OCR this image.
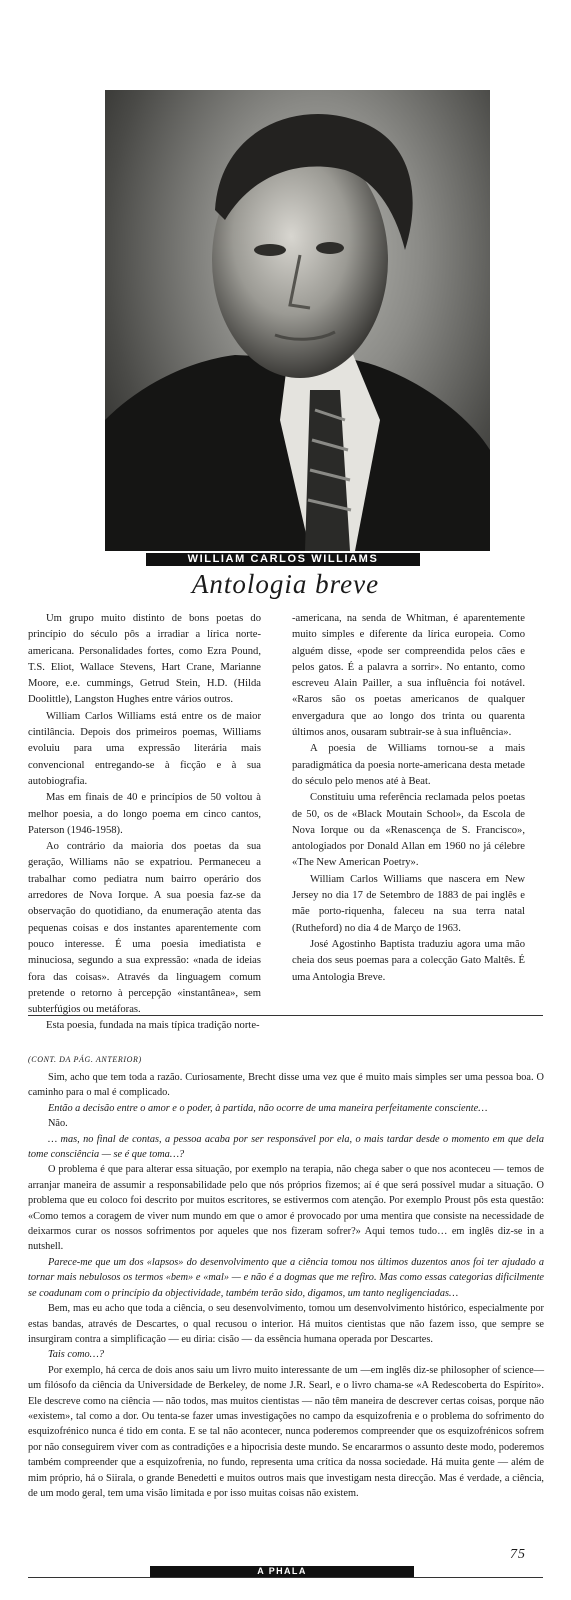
WILLIAM CARLOS WILLIAMS
Antologia breve

Um grupo muito distinto de bons poetas do princípio do século pôs a irradiar a lírica norte-americana. Personalidades fortes, como Ezra Pound, T.S. Eliot, Wallace Stevens, Hart Crane, Marianne Moore, e.e. cummings, Getrud Stein, H.D. (Hilda Doolittle), Langston Hughes entre vários outros.

William Carlos Williams está entre os de maior cintilância. Depois dos primeiros poemas, Williams evoluiu para uma expressão literária mais convencional entregando-se à ficção e à sua autobiografia.

Mas em finais de 40 e princípios de 50 voltou à melhor poesia, a do longo poema em cinco cantos, Paterson (1946-1958).

Ao contrário da maioria dos poetas da sua geração, Williams não se expatriou. Permaneceu a trabalhar como pediatra num bairro operário dos arredores de Nova Iorque. A sua poesia faz-se da observação do quotidiano, da enumeração atenta das pequenas coisas e dos instantes aparentemente com pouco interesse. É uma poesia imediatista e minuciosa, segundo a sua expressão: «nada de ideias fora das coisas». Através da linguagem comum pretende o retorno à percepção «instantânea», sem subterfúgios ou metáforas.

Esta poesia, fundada na mais típica tradição norte-

-americana, na senda de Whitman, é aparentemente muito simples e diferente da lírica europeia. Como alguém disse, «pode ser compreendida pelos cães e pelos gatos. É a palavra a sorrir». No entanto, como escreveu Alain Pailler, a sua influência foi notável. «Raros são os poetas americanos de qualquer envergadura que ao longo dos trinta ou quarenta últimos anos, ousaram subtrair-se à sua influência».

A poesia de Williams tornou-se a mais paradigmática da poesia norte-americana desta metade do século pelo menos até à Beat.

Constituiu uma referência reclamada pelos poetas de 50, os de «Black Moutain School», da Escola de Nova Iorque ou da «Renascença de S. Francisco», antologiados por Donald Allan em 1960 no já célebre «The New American Poetry».

William Carlos Williams que nascera em New Jersey no dia 17 de Setembro de 1883 de pai inglês e mãe porto-riquenha, faleceu na sua terra natal (Rutheford) no dia 4 de Março de 1963.

José Agostinho Baptista traduziu agora uma mão cheia dos seus poemas para a colecção Gato Maltês. É uma Antologia Breve.

(CONT. DA PÁG. ANTERIOR)

Sim, acho que tem toda a razão. Curiosamente, Brecht disse uma vez que é muito mais simples ser uma pessoa boa. O caminho para o mal é complicado.

Então a decisão entre o amor e o poder, à partida, não ocorre de uma maneira perfeitamente consciente…

Não.

… mas, no final de contas, a pessoa acaba por ser responsável por ela, o mais tardar desde o momento em que dela tome consciência — se é que toma…?

O problema é que para alterar essa situação, por exemplo na terapia, não chega saber o que nos aconteceu — temos de arranjar maneira de assumir a responsabilidade pelo que nós próprios fizemos; aí é que será possível mudar a situação. O problema que eu coloco foi descrito por muitos escritores, se estivermos com atenção. Por exemplo Proust pôs esta questão: «Como temos a coragem de viver num mundo em que o amor é provocado por uma mentira que consiste na necessidade de deixarmos curar os nossos sofrimentos por aqueles que nos fizeram sofrer?» Aqui temos tudo… em inglês diz-se in a nutshell.

Parece-me que um dos «lapsos» do desenvolvimento que a ciência tomou nos últimos duzentos anos foi ter ajudado a tornar mais nebulosos os termos «bem» e «mal» — e não é a dogmas que me refiro. Mas como essas categorias dificilmente se coadunam com o princípio da objectividade, também terão sido, digamos, um tanto negligenciadas…

Bem, mas eu acho que toda a ciência, o seu desenvolvimento, tomou um desenvolvimento histórico, especialmente por estas bandas, através de Descartes, o qual recusou o interior. Há muitos cientistas que não fazem isso, que sempre se insurgiram contra a simplificação — eu diria: cisão — da essência humana operada por Descartes.

Tais como…?

Por exemplo, há cerca de dois anos saiu um livro muito interessante de um —em inglês diz-se philosopher of science— um filósofo da ciência da Universidade de Berkeley, de nome J.R. Searl, e o livro chama-se «A Redescoberta do Espírito». Ele descreve como na ciência — não todos, mas muitos cientistas — não têm maneira de descrever certas coisas, porque não «existem», tal como a dor. Ou tenta-se fazer umas investigações no campo da esquizofrenia e o problema do sofrimento do esquizofrénico nunca é tido em conta. E se tal não acontecer, nunca poderemos compreender que os esquizofrénicos sofrem por não conseguirem viver com as contradições e a hipocrisia deste mundo. Se encararmos o assunto deste modo, poderemos também compreender que a esquizofrenia, no fundo, representa uma crítica da nossa sociedade. Há muita gente — além de mim próprio, há o Siirala, o grande Benedetti e muitos outros mais que investigam nesta direcção. Mas é verdade, a ciência, de um modo geral, tem uma visão limitada e por isso muitas coisas não existem.

75
A PHALA
